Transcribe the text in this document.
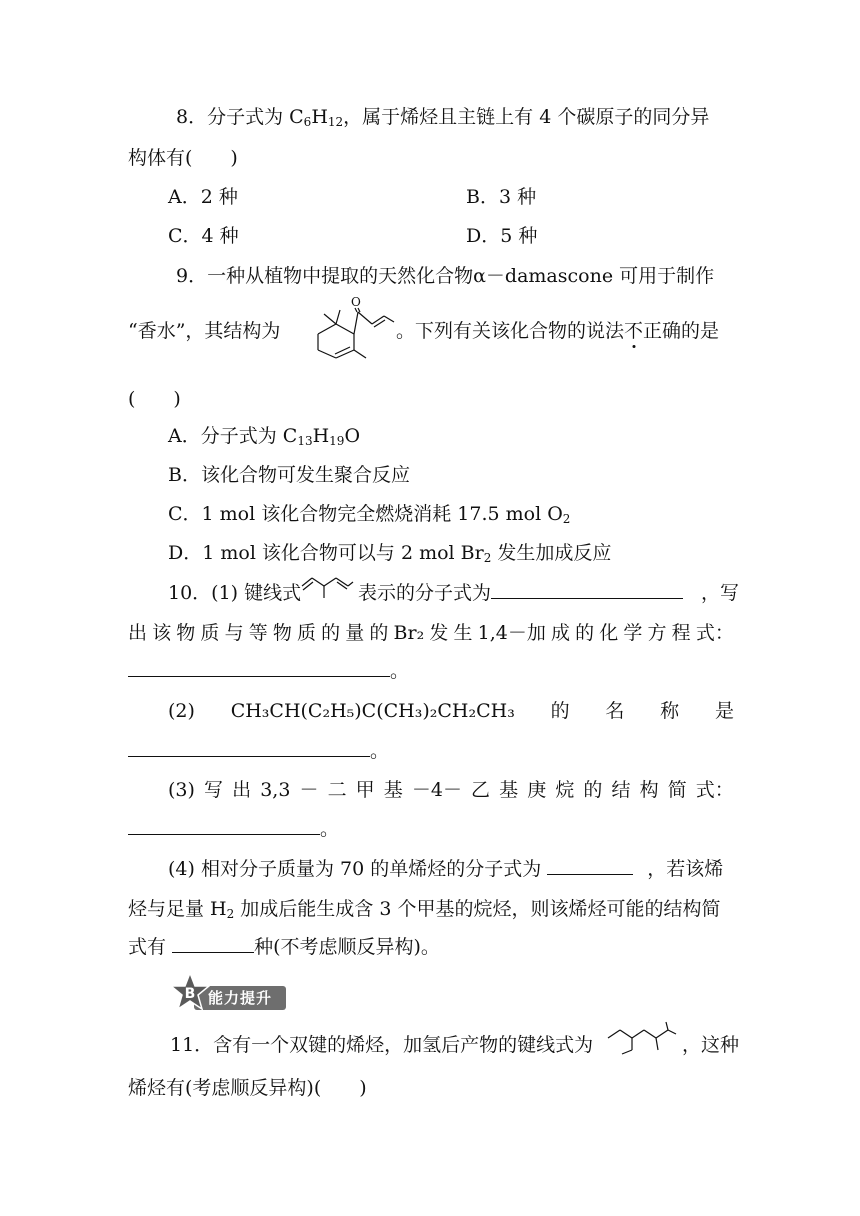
8．分子式为 $C_6H_{12}$，属于烯烃且主链上有 4 个碳原子的同分异
构体有(　　)
A．2 种	B．3 种
C．4 种	D．5 种
9．一种从植物中提取的天然化合物α－damascone 可用于制作
“香水”，其结构为
O
。下列有关该化合物的说法不正确的是
(　　)
A．分子式为 $C_{13}H_{19}O$
B．该化合物可发生聚合反应
C．1 mol 该化合物完全燃烧消耗 17.5 mol $O_2$
D．1 mol 该化合物可以与 2 mol $Br_2$ 发生加成反应
10．(1) 键线式	表示的分子式为	，写
出 该 物 质 与 等 物 质 的 量 的 Br₂ 发 生 1,4－加 成 的 化 学 方 程 式：
。
(2) CH₃CH(C₂H₅)C(CH₃)₂CH₂CH₃ 的 名 称 是
。
(3) 写 出 3,3 － 二 甲 基 －4－ 乙 基 庚 烷 的 结 构 简 式：
。
(4) 相对分子质量为 70 的单烯烃的分子式为	，若该烯
烃与足量 $H_2$ 加成后能生成含 3 个甲基的烷烃，则该烯烃可能的结构简
式有	种(不考虑顺反异构)。
能力提升
B
11．含有一个双键的烯烃，加氢后产物的键线式为	，这种
烯烃有(考虑顺反异构)(　　)
